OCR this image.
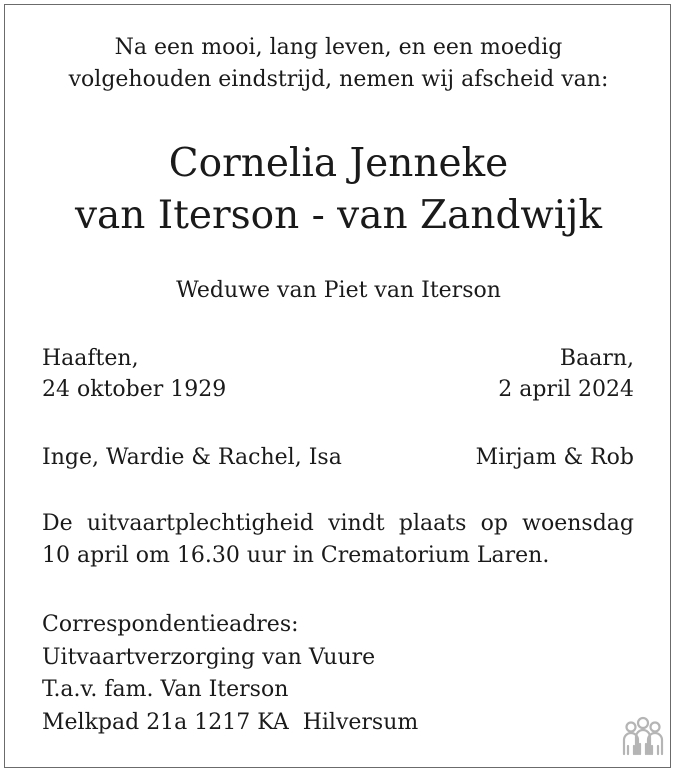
Na een mooi, lang leven, en een moedig
volgehouden eindstrijd, nemen wij afscheid van:
Cornelia Jenneke
van Iterson - van Zandwijk
Weduwe van Piet van Iterson
Haaften,	Baarn,
24 oktober 1929	2 april 2024
Inge, Wardie & Rachel, Isa	Mirjam & Rob
De uitvaartplechtigheid vindt plaats op woensdag
10 april om 16.30 uur in Crematorium Laren.
Correspondentieadres:
Uitvaartverzorging van Vuure
T.a.v. fam. Van Iterson
Melkpad 21a 1217 KA  Hilversum
